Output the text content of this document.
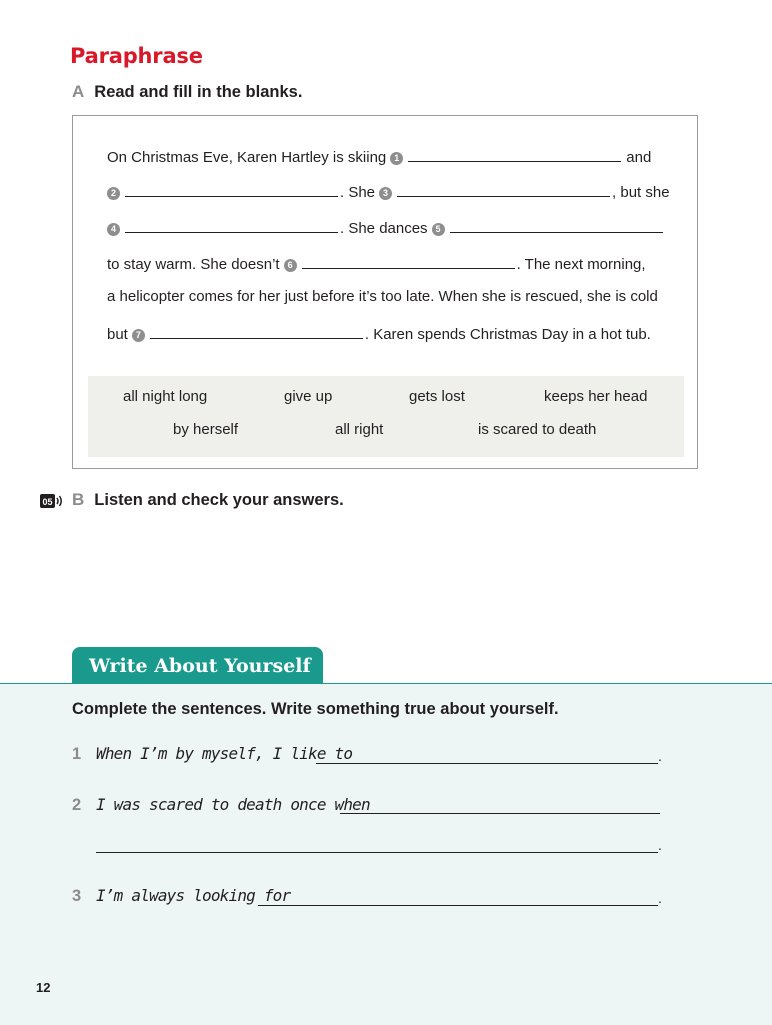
Paraphrase
A Read and fill in the blanks.
On Christmas Eve, Karen Hartley is skiing 1	and
2	. She 3	, but she
4	. She dances 5
to stay warm. She doesn’t 6	. The next morning,
a helicopter comes for her just before it’s too late. When she is rescued, she is cold
but 7	. Karen spends Christmas Day in a hot tub.
all night long	give up	gets lost	keeps her head
by herself	all right	is scared to death
05 B Listen and check your answers.
Write About Yourself
Complete the sentences. Write something true about yourself.
1 When I’m by myself, I like to	.
2 I was scared to death once when
.
3 I’m always looking for	.
12
